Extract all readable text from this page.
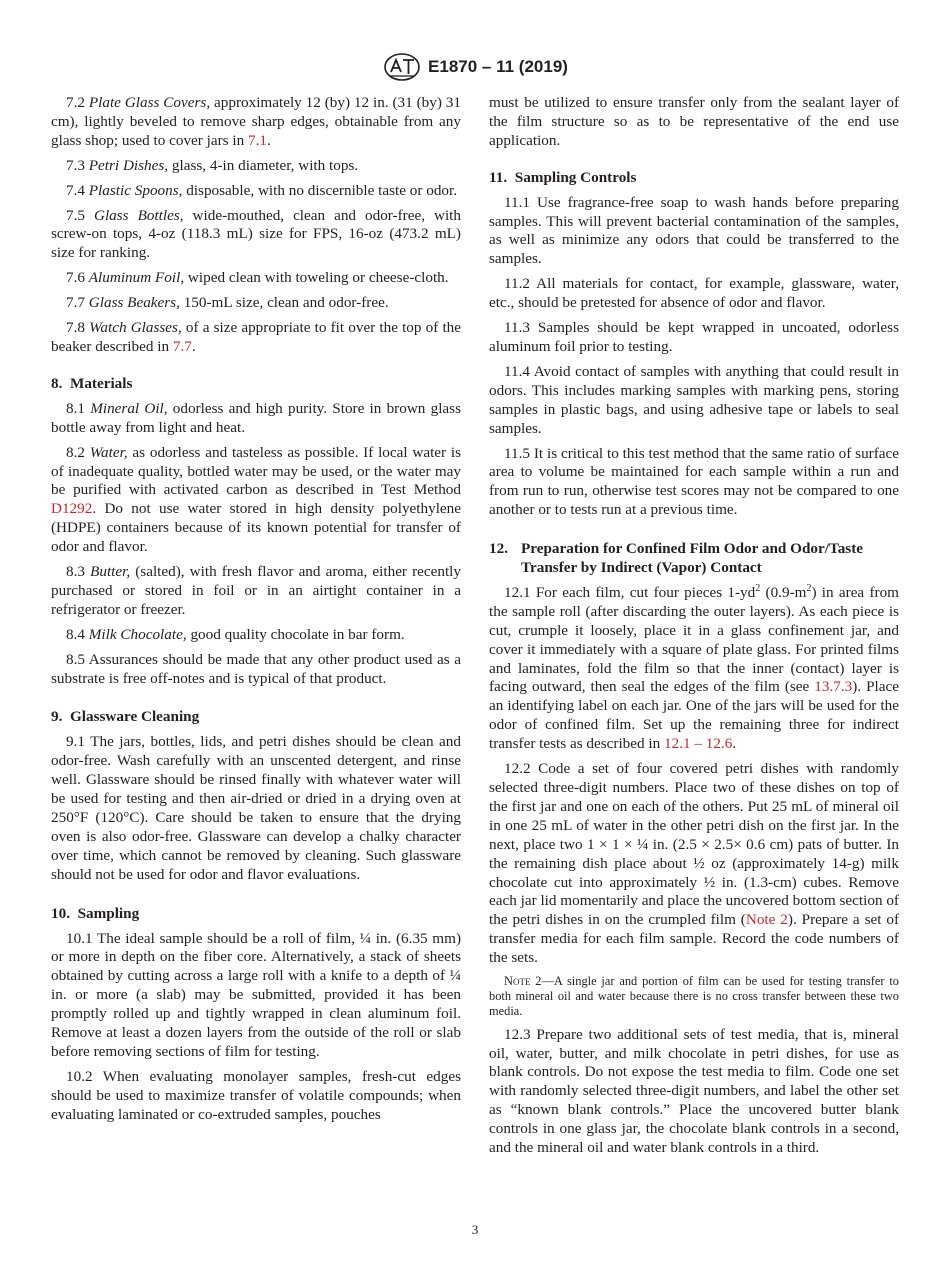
E1870 – 11 (2019)

7.2 Plate Glass Covers, approximately 12 (by) 12 in. (31 (by) 31 cm), lightly beveled to remove sharp edges, obtainable from any glass shop; used to cover jars in 7.1.

7.3 Petri Dishes, glass, 4-in diameter, with tops.

7.4 Plastic Spoons, disposable, with no discernible taste or odor.

7.5 Glass Bottles, wide-mouthed, clean and odor-free, with screw-on tops, 4-oz (118.3 mL) size for FPS, 16-oz (473.2 mL) size for ranking.

7.6 Aluminum Foil, wiped clean with toweling or cheese-cloth.

7.7 Glass Beakers, 150-mL size, clean and odor-free.

7.8 Watch Glasses, of a size appropriate to fit over the top of the beaker described in 7.7.

8. Materials

8.1 Mineral Oil, odorless and high purity. Store in brown glass bottle away from light and heat.

8.2 Water, as odorless and tasteless as possible. If local water is of inadequate quality, bottled water may be used, or the water may be purified with activated carbon as described in Test Method D1292. Do not use water stored in high density polyethylene (HDPE) containers because of its known potential for transfer of odor and flavor.

8.3 Butter, (salted), with fresh flavor and aroma, either recently purchased or stored in foil or in an airtight container in a refrigerator or freezer.

8.4 Milk Chocolate, good quality chocolate in bar form.

8.5 Assurances should be made that any other product used as a substrate is free off-notes and is typical of that product.

9. Glassware Cleaning

9.1 The jars, bottles, lids, and petri dishes should be clean and odor-free. Wash carefully with an unscented detergent, and rinse well. Glassware should be rinsed finally with whatever water will be used for testing and then air-dried or dried in a drying oven at 250°F (120°C). Care should be taken to ensure that the drying oven is also odor-free. Glassware can develop a chalky character over time, which cannot be removed by cleaning. Such glassware should not be used for odor and flavor evaluations.

10. Sampling

10.1 The ideal sample should be a roll of film, ¼ in. (6.35 mm) or more in depth on the fiber core. Alternatively, a stack of sheets obtained by cutting across a large roll with a knife to a depth of ¼ in. or more (a slab) may be submitted, provided it has been promptly rolled up and tightly wrapped in clean aluminum foil. Remove at least a dozen layers from the outside of the roll or slab before removing sections of film for testing.

10.2 When evaluating monolayer samples, fresh-cut edges should be used to maximize transfer of volatile compounds; when evaluating laminated or co-extruded samples, pouches

must be utilized to ensure transfer only from the sealant layer of the film structure so as to be representative of the end use application.

11. Sampling Controls

11.1 Use fragrance-free soap to wash hands before preparing samples. This will prevent bacterial contamination of the samples, as well as minimize any odors that could be transferred to the samples.

11.2 All materials for contact, for example, glassware, water, etc., should be pretested for absence of odor and flavor.

11.3 Samples should be kept wrapped in uncoated, odorless aluminum foil prior to testing.

11.4 Avoid contact of samples with anything that could result in odors. This includes marking samples with marking pens, storing samples in plastic bags, and using adhesive tape or labels to seal samples.

11.5 It is critical to this test method that the same ratio of surface area to volume be maintained for each sample within a run and from run to run, otherwise test scores may not be compared to one another or to tests run at a previous time.

12. Preparation for Confined Film Odor and Odor/Taste Transfer by Indirect (Vapor) Contact

12.1 For each film, cut four pieces $1-yd^2$ $(0.9-m^2)$ in area from the sample roll (after discarding the outer layers). As each piece is cut, crumple it loosely, place it in a glass confinement jar, and cover it immediately with a square of plate glass. For printed films and laminates, fold the film so that the inner (contact) layer is facing outward, then seal the edges of the film (see 13.7.3). Place an identifying label on each jar. One of the jars will be used for the odor of confined film. Set up the remaining three for indirect transfer tests as described in 12.1 – 12.6.

12.2 Code a set of four covered petri dishes with randomly selected three-digit numbers. Place two of these dishes on top of the first jar and one on each of the others. Put 25 mL of mineral oil in one 25 mL of water in the other petri dish on the first jar. In the next, place two 1 × 1 × ¼ in. (2.5 × 2.5× 0.6 cm) pats of butter. In the remaining dish place about ½ oz (approximately 14-g) milk chocolate cut into approximately ½ in. (1.3-cm) cubes. Remove each jar lid momentarily and place the uncovered bottom section of the petri dishes in on the crumpled film (Note 2). Prepare a set of transfer media for each film sample. Record the code numbers of the sets.

Note 2—A single jar and portion of film can be used for testing transfer to both mineral oil and water because there is no cross transfer between these two media.

12.3 Prepare two additional sets of test media, that is, mineral oil, water, butter, and milk chocolate in petri dishes, for use as blank controls. Do not expose the test media to film. Code one set with randomly selected three-digit numbers, and label the other set as “known blank controls.” Place the uncovered butter blank controls in one glass jar, the chocolate blank controls in a second, and the mineral oil and water blank controls in a third.

3
